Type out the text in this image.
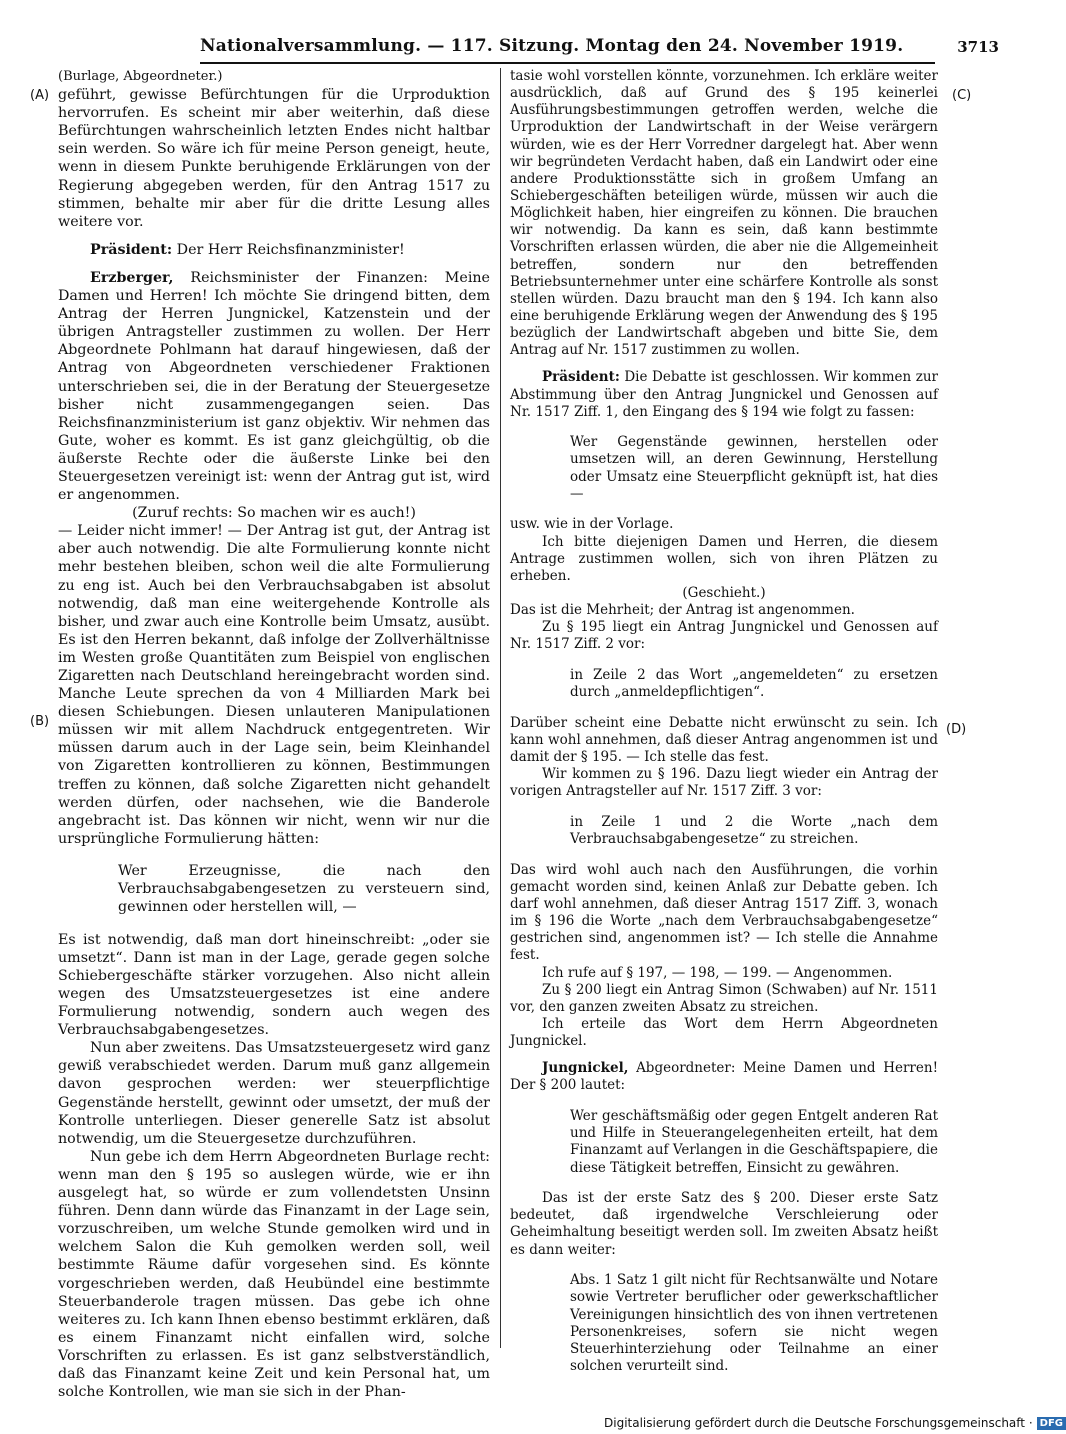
Nationalversammlung. — 117. Sitzung. Montag den 24. November 1919.	3713
(A)
(B)
(C)
(D)

(Burlage, Abgeordneter.)

geführt, gewisse Befürchtungen für die Urproduktion hervorrufen. Es scheint mir aber weiterhin, daß diese Befürchtungen wahrscheinlich letzten Endes nicht haltbar sein werden. So wäre ich für meine Person geneigt, heute, wenn in diesem Punkte beruhigende Erklärungen von der Regierung abgegeben werden, für den Antrag 1517 zu stimmen, behalte mir aber für die dritte Lesung alles weitere vor.

Präsident: Der Herr Reichsfinanzminister!

Erzberger, Reichsminister der Finanzen: Meine Damen und Herren! Ich möchte Sie dringend bitten, dem Antrag der Herren Jungnickel, Katzenstein und der übrigen Antragsteller zustimmen zu wollen. Der Herr Abgeordnete Pohlmann hat darauf hingewiesen, daß der Antrag von Abgeordneten verschiedener Fraktionen unterschrieben sei, die in der Beratung der Steuergesetze bisher nicht zusammengegangen seien. Das Reichsfinanzministerium ist ganz objektiv. Wir nehmen das Gute, woher es kommt. Es ist ganz gleichgültig, ob die äußerste Rechte oder die äußerste Linke bei den Steuergesetzen vereinigt ist: wenn der Antrag gut ist, wird er angenommen.

(Zuruf rechts: So machen wir es auch!)

— Leider nicht immer! — Der Antrag ist gut, der Antrag ist aber auch notwendig. Die alte Formulierung konnte nicht mehr bestehen bleiben, schon weil die alte Formulierung zu eng ist. Auch bei den Verbrauchsabgaben ist absolut notwendig, daß man eine weitergehende Kontrolle als bisher, und zwar auch eine Kontrolle beim Umsatz, ausübt. Es ist den Herren bekannt, daß infolge der Zollverhältnisse im Westen große Quantitäten zum Beispiel von englischen Zigaretten nach Deutschland hereingebracht worden sind. Manche Leute sprechen da von 4 Milliarden Mark bei diesen Schiebungen. Diesen unlauteren Manipulationen müssen wir mit allem Nachdruck entgegentreten. Wir müssen darum auch in der Lage sein, beim Kleinhandel von Zigaretten kontrollieren zu können, Bestimmungen treffen zu können, daß solche Zigaretten nicht gehandelt werden dürfen, oder nachsehen, wie die Banderole angebracht ist. Das können wir nicht, wenn wir nur die ursprüngliche Formulierung hätten:

Wer Erzeugnisse, die nach den Verbrauchsabgabengesetzen zu versteuern sind, gewinnen oder herstellen will, —

Es ist notwendig, daß man dort hineinschreibt: „oder sie umsetzt“. Dann ist man in der Lage, gerade gegen solche Schiebergeschäfte stärker vorzugehen. Also nicht allein wegen des Umsatzsteuergesetzes ist eine andere Formulierung notwendig, sondern auch wegen des Verbrauchsabgabengesetzes.

Nun aber zweitens. Das Umsatzsteuergesetz wird ganz gewiß verabschiedet werden. Darum muß ganz allgemein davon gesprochen werden: wer steuerpflichtige Gegenstände herstellt, gewinnt oder umsetzt, der muß der Kontrolle unterliegen. Dieser generelle Satz ist absolut notwendig, um die Steuergesetze durchzuführen.

Nun gebe ich dem Herrn Abgeordneten Burlage recht: wenn man den § 195 so auslegen würde, wie er ihn ausgelegt hat, so würde er zum vollendetsten Unsinn führen. Denn dann würde das Finanzamt in der Lage sein, vorzuschreiben, um welche Stunde gemolken wird und in welchem Salon die Kuh gemolken werden soll, weil bestimmte Räume dafür vorgesehen sind. Es könnte vorgeschrieben werden, daß Heubündel eine bestimmte Steuerbanderole tragen müssen. Das gebe ich ohne weiteres zu. Ich kann Ihnen ebenso bestimmt erklären, daß es einem Finanzamt nicht einfallen wird, solche Vorschriften zu erlassen. Es ist ganz selbstverständlich, daß das Finanzamt keine Zeit und kein Personal hat, um solche Kontrollen, wie man sie sich in der Phan-

tasie wohl vorstellen könnte, vorzunehmen. Ich erkläre weiter ausdrücklich, daß auf Grund des § 195 keinerlei Ausführungsbestimmungen getroffen werden, welche die Urproduktion der Landwirtschaft in der Weise verärgern würden, wie es der Herr Vorredner dargelegt hat. Aber wenn wir begründeten Verdacht haben, daß ein Landwirt oder eine andere Produktionsstätte sich in großem Umfang an Schiebergeschäften beteiligen würde, müssen wir auch die Möglichkeit haben, hier eingreifen zu können. Die brauchen wir notwendig. Da kann es sein, daß kann bestimmte Vorschriften erlassen würden, die aber nie die Allgemeinheit betreffen, sondern nur den betreffenden Betriebsunternehmer unter eine schärfere Kontrolle als sonst stellen würden. Dazu braucht man den § 194. Ich kann also eine beruhigende Erklärung wegen der Anwendung des § 195 bezüglich der Landwirtschaft abgeben und bitte Sie, dem Antrag auf Nr. 1517 zustimmen zu wollen.

Präsident: Die Debatte ist geschlossen. Wir kommen zur Abstimmung über den Antrag Jungnickel und Genossen auf Nr. 1517 Ziff. 1, den Eingang des § 194 wie folgt zu fassen:

Wer Gegenstände gewinnen, herstellen oder umsetzen will, an deren Gewinnung, Herstellung oder Umsatz eine Steuerpflicht geknüpft ist, hat dies —

usw. wie in der Vorlage.

Ich bitte diejenigen Damen und Herren, die diesem Antrage zustimmen wollen, sich von ihren Plätzen zu erheben.

(Geschieht.)

Das ist die Mehrheit; der Antrag ist angenommen.

Zu § 195 liegt ein Antrag Jungnickel und Genossen auf Nr. 1517 Ziff. 2 vor:

in Zeile 2 das Wort „angemeldeten“ zu ersetzen durch „anmeldepflichtigen“.

Darüber scheint eine Debatte nicht erwünscht zu sein. Ich kann wohl annehmen, daß dieser Antrag angenommen ist und damit der § 195. — Ich stelle das fest.

Wir kommen zu § 196. Dazu liegt wieder ein Antrag der vorigen Antragsteller auf Nr. 1517 Ziff. 3 vor:

in Zeile 1 und 2 die Worte „nach dem Verbrauchsabgabengesetze“ zu streichen.

Das wird wohl auch nach den Ausführungen, die vorhin gemacht worden sind, keinen Anlaß zur Debatte geben. Ich darf wohl annehmen, daß dieser Antrag 1517 Ziff. 3, wonach im § 196 die Worte „nach dem Verbrauchsabgabengesetze“ gestrichen sind, angenommen ist? — Ich stelle die Annahme fest.

Ich rufe auf § 197, — 198, — 199. — Angenommen.

Zu § 200 liegt ein Antrag Simon (Schwaben) auf Nr. 1511 vor, den ganzen zweiten Absatz zu streichen.

Ich erteile das Wort dem Herrn Abgeordneten Jungnickel.

Jungnickel, Abgeordneter: Meine Damen und Herren! Der § 200 lautet:

Wer geschäftsmäßig oder gegen Entgelt anderen Rat und Hilfe in Steuerangelegenheiten erteilt, hat dem Finanzamt auf Verlangen in die Geschäftspapiere, die diese Tätigkeit betreffen, Einsicht zu gewähren.

Das ist der erste Satz des § 200. Dieser erste Satz bedeutet, daß irgendwelche Verschleierung oder Geheimhaltung beseitigt werden soll. Im zweiten Absatz heißt es dann weiter:

Abs. 1 Satz 1 gilt nicht für Rechtsanwälte und Notare sowie Vertreter beruflicher oder gewerkschaftlicher Vereinigungen hinsichtlich des von ihnen vertretenen Personenkreises, sofern sie nicht wegen Steuerhinterziehung oder Teilnahme an einer solchen verurteilt sind.

Digitalisierung gefördert durch die Deutsche Forschungsgemeinschaft · DFG
